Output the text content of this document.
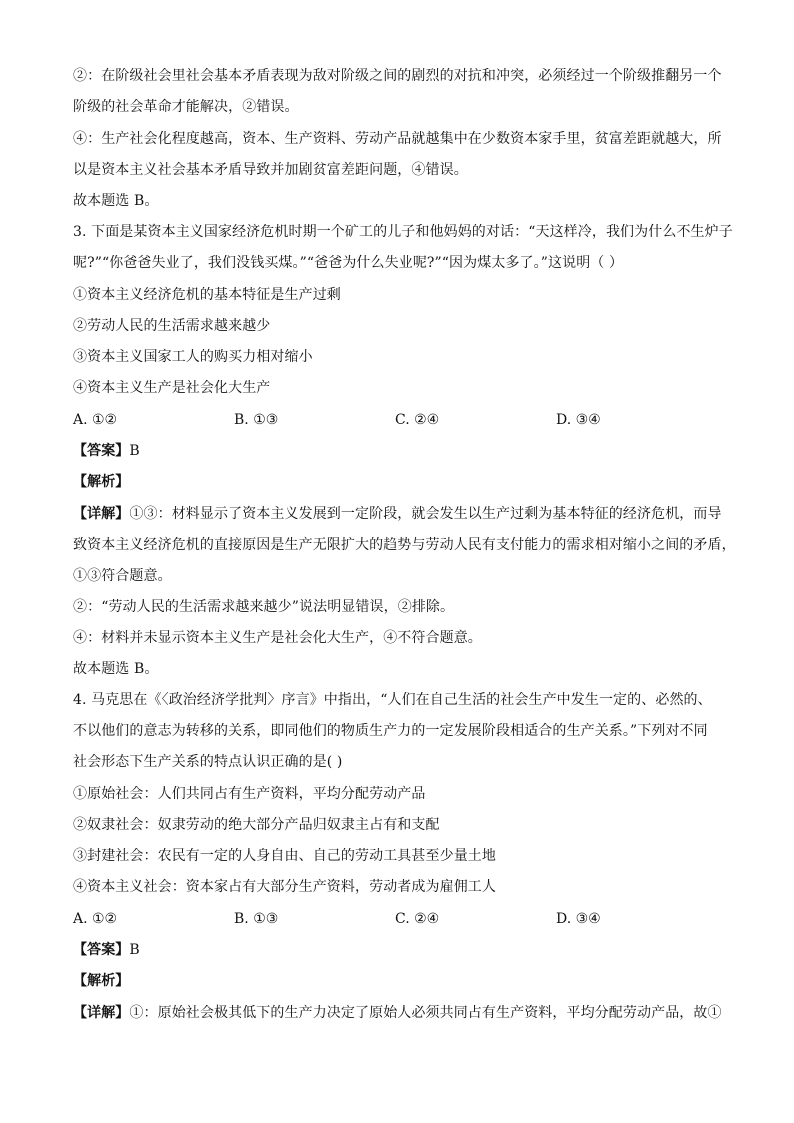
②：在阶级社会里社会基本矛盾表现为敌对阶级之间的剧烈的对抗和冲突，必须经过一个阶级推翻另一个
阶级的社会革命才能解决，②错误。
④：生产社会化程度越高，资本、生产资料、劳动产品就越集中在少数资本家手里，贫富差距就越大，所
以是资本主义社会基本矛盾导致并加剧贫富差距问题，④错误。
故本题选 B。
3. 下面是某资本主义国家经济危机时期一个矿工的儿子和他妈妈的对话：“天这样冷，我们为什么不生炉子
呢?”“你爸爸失业了，我们没钱买煤。”“爸爸为什么失业呢?”“因为煤太多了。”这说明（ ）
①资本主义经济危机的基本特征是生产过剩
②劳动人民的生活需求越来越少
③资本主义国家工人的购买力相对缩小
④资本主义生产是社会化大生产
A. ①②	B. ①③	C. ②④	D. ③④
【答案】B
【解析】
【详解】①③：材料显示了资本主义发展到一定阶段，就会发生以生产过剩为基本特征的经济危机，而导
致资本主义经济危机的直接原因是生产无限扩大的趋势与劳动人民有支付能力的需求相对缩小之间的矛盾，
①③符合题意。
②：“劳动人民的生活需求越来越少”说法明显错误，②排除。
④：材料并未显示资本主义生产是社会化大生产，④不符合题意。
故本题选 B。
4. 马克思在《〈政治经济学批判〉序言》中指出，“人们在自己生活的社会生产中发生一定的、必然的、
不以他们的意志为转移的关系，即同他们的物质生产力的一定发展阶段相适合的生产关系。”下列对不同
社会形态下生产关系的特点认识正确的是( )
①原始社会：人们共同占有生产资料，平均分配劳动产品
②奴隶社会：奴隶劳动的绝大部分产品归奴隶主占有和支配
③封建社会：农民有一定的人身自由、自己的劳动工具甚至少量土地
④资本主义社会：资本家占有大部分生产资料，劳动者成为雇佣工人
A. ①②	B. ①③	C. ②④	D. ③④
【答案】B
【解析】
【详解】①：原始社会极其低下的生产力决定了原始人必须共同占有生产资料，平均分配劳动产品，故①
